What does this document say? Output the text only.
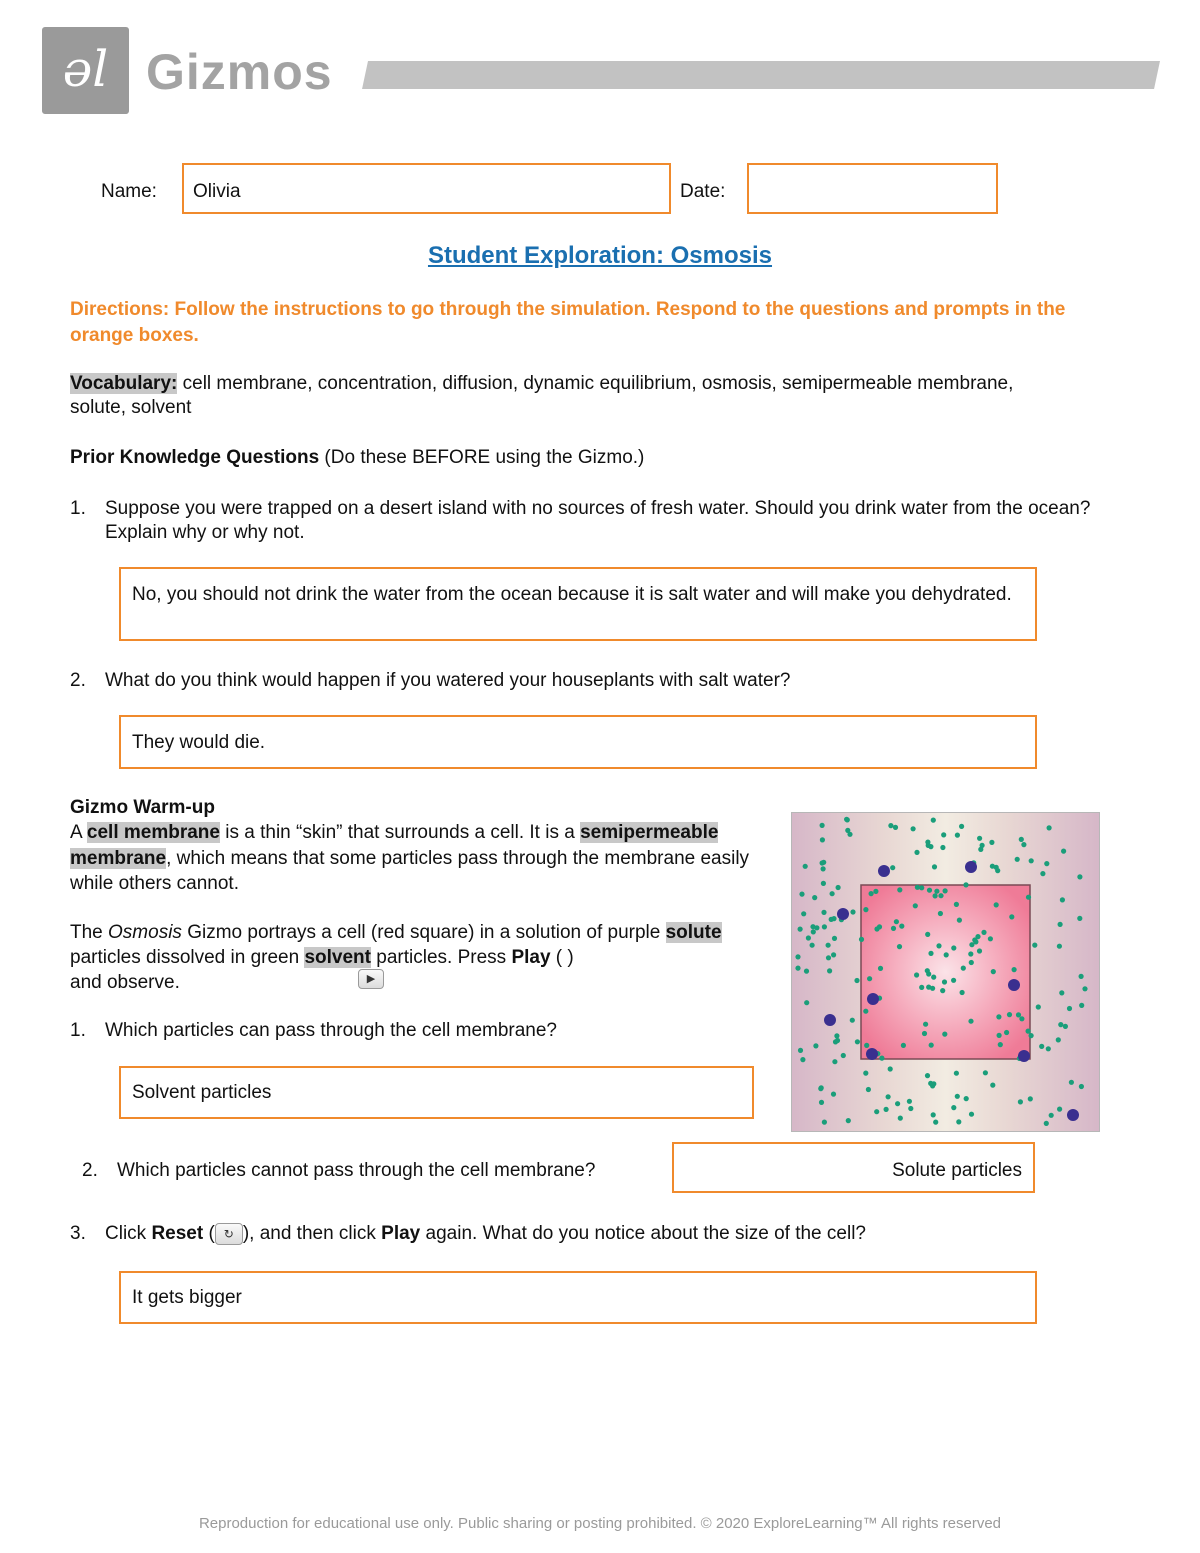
əl Gizmos
Name:	Olivia	Date:
Student Exploration: Osmosis
Directions: Follow the instructions to go through the simulation. Respond to the questions and prompts in the orange boxes.
Vocabulary: cell membrane, concentration, diffusion, dynamic equilibrium, osmosis, semipermeable membrane, solute, solvent
Prior Knowledge Questions (Do these BEFORE using the Gizmo.)
1.	Suppose you were trapped on a desert island with no sources of fresh water. Should you drink water from the ocean? Explain why or why not.
No, you should not drink the water from the ocean because it is salt water and will make you dehydrated.
2.	What do you think would happen if you watered your houseplants with salt water?
They would die.
Gizmo Warm-up
A cell membrane is a thin “skin” that surrounds a cell. It is a semipermeable membrane, which means that some particles pass through the membrane easily while others cannot.
The Osmosis Gizmo portrays a cell (red square) in a solution of purple solute particles dissolved in green solvent particles. Press Play ( )
and observe.	▶
1.	Which particles can pass through the cell membrane?
Solvent particles
2.	Which particles cannot pass through the cell membrane?	Solute particles
3.	Click Reset ( ↻ ), and then click Play again. What do you notice about the size of the cell?
It gets bigger
Reproduction for educational use only. Public sharing or posting prohibited. © 2020 ExploreLearning™ All rights reserved
